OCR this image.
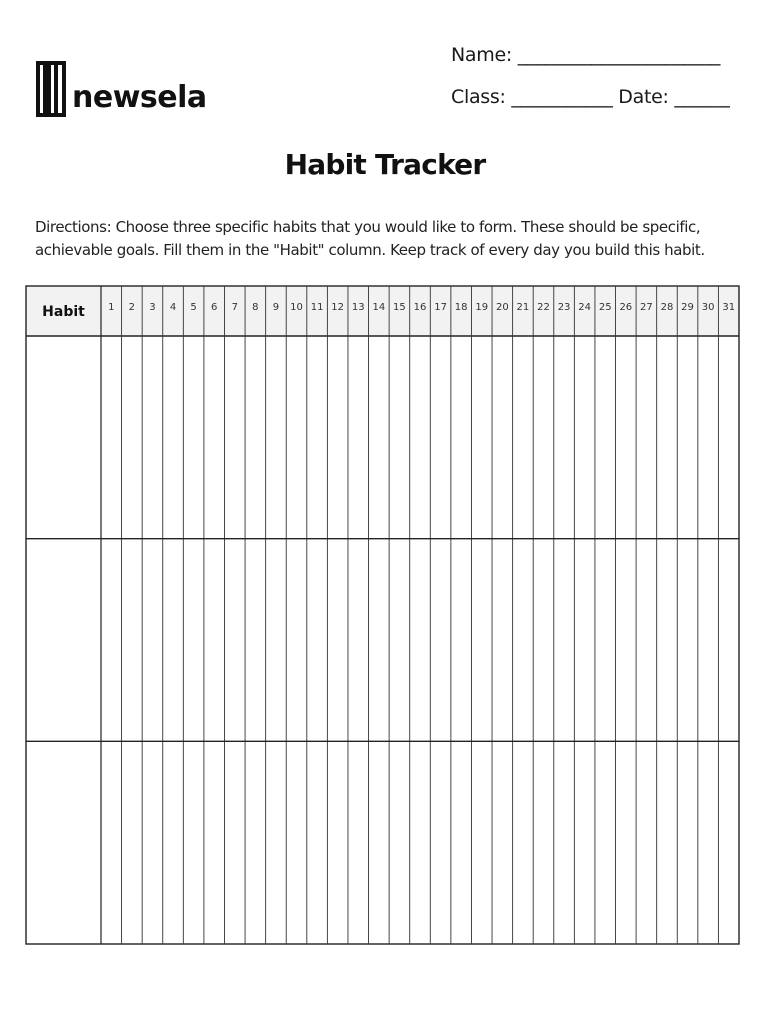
newsela
Name: ______________________
Class: ___________ Date: ______
Habit Tracker
Directions: Choose three specific habits that you would like to form. These should be specific, achievable goals. Fill them in the "Habit" column. Keep track of every day you build this habit.
Habit 1 2 3 4 5 6 7 8 9 10 11 12 13 14 15 16 17 18 19 20 21 22 23 24 25 26 27 28 29 30 31
